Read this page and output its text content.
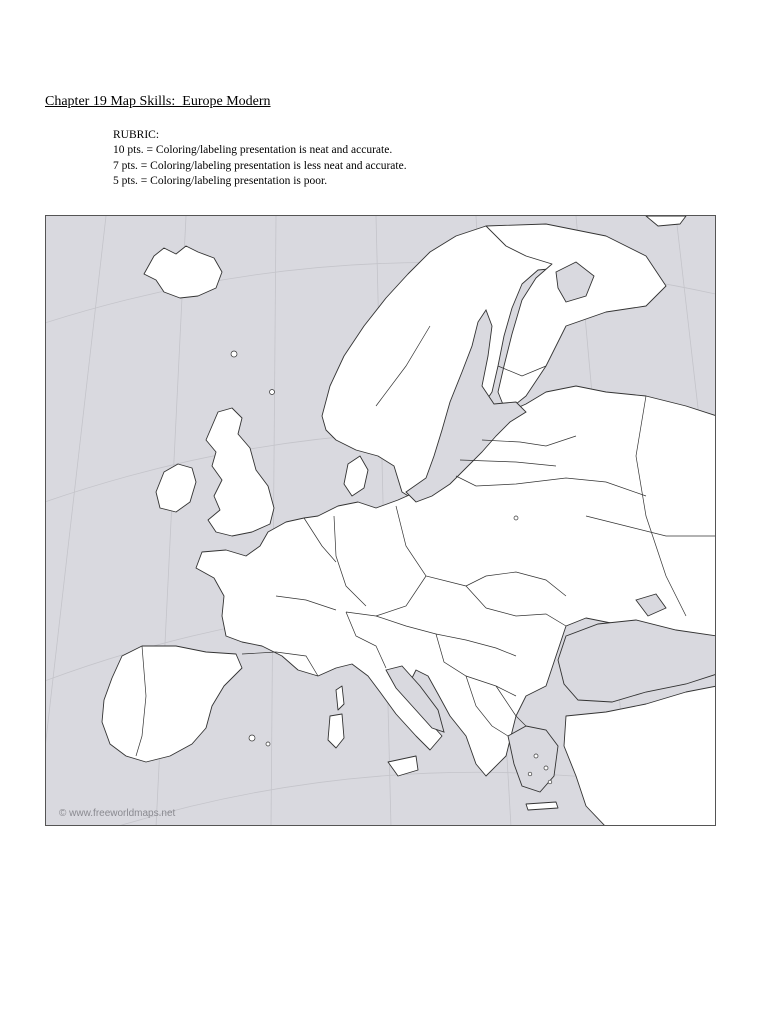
Chapter 19 Map Skills:  Europe Modern
RUBRIC:
10 pts. = Coloring/labeling presentation is neat and accurate.
7 pts. = Coloring/labeling presentation is less neat and accurate.
5 pts. = Coloring/labeling presentation is poor.
© www.freeworldmaps.net
